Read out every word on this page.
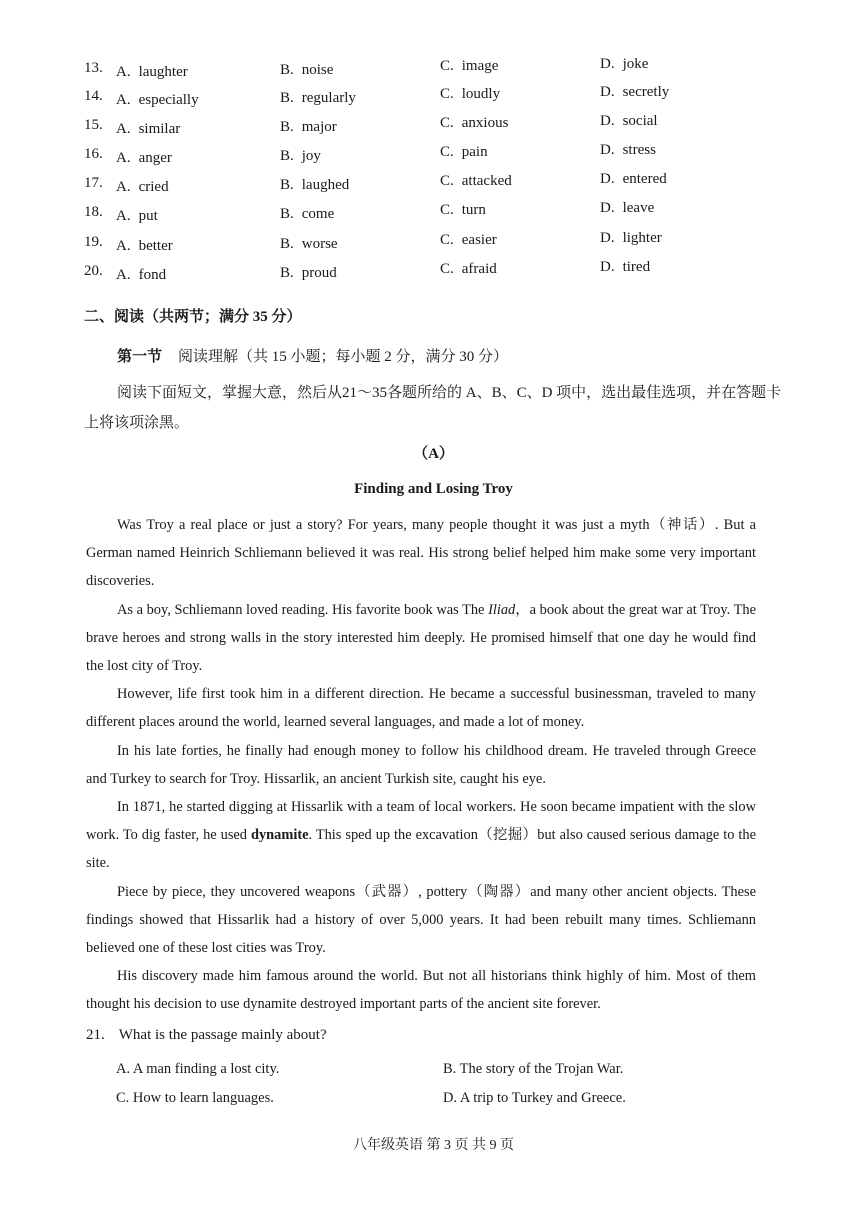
13. A. laughter	B. noise	C. image	D. joke
14. A. especially	B. regularly	C. loudly	D. secretly
15. A. similar	B. major	C. anxious	D. social
16. A. anger	B. joy	C. pain	D. stress
17. A. cried	B. laughed	C. attacked	D. entered
18. A. put	B. come	C. turn	D. leave
19. A. better	B. worse	C. easier	D. lighter
20. A. fond	B. proud	C. afraid	D. tired
二、阅读（共两节；满分 35 分）
第一节 阅读理解（共 15 小题；每小题 2 分，满分 30 分）
阅读下面短文，掌握大意，然后从21～35各题所给的 A、B、C、D 项中，选出最佳选项，并在答题卡上将该项涂黑。
（A）
Finding and Losing Troy

Was Troy a real place or just a story? For years, many people thought it was just a myth（神话）. But a German named Heinrich Schliemann believed it was real. His strong belief helped him make some very important discoveries.

As a boy, Schliemann loved reading. His favorite book was The Iliad，a book about the great war at Troy. The brave heroes and strong walls in the story interested him deeply. He promised himself that one day he would find the lost city of Troy.

However, life first took him in a different direction. He became a successful businessman, traveled to many different places around the world, learned several languages, and made a lot of money.

In his late forties, he finally had enough money to follow his childhood dream. He traveled through Greece and Turkey to search for Troy. Hissarlik, an ancient Turkish site, caught his eye.

In 1871, he started digging at Hissarlik with a team of local workers. He soon became impatient with the slow work. To dig faster, he used dynamite. This sped up the excavation（挖掘）but also caused serious damage to the site.

Piece by piece, they uncovered weapons（武器）, pottery（陶器）and many other ancient objects. These findings showed that Hissarlik had a history of over 5,000 years. It had been rebuilt many times. Schliemann believed one of these lost cities was Troy.

His discovery made him famous around the world. But not all historians think highly of him. Most of them thought his decision to use dynamite destroyed important parts of the ancient site forever.

21. What is the passage mainly about?
A. A man finding a lost city.	B. The story of the Trojan War.
C. How to learn languages.	D. A trip to Turkey and Greece.
八年级英语 第 3 页 共 9 页
